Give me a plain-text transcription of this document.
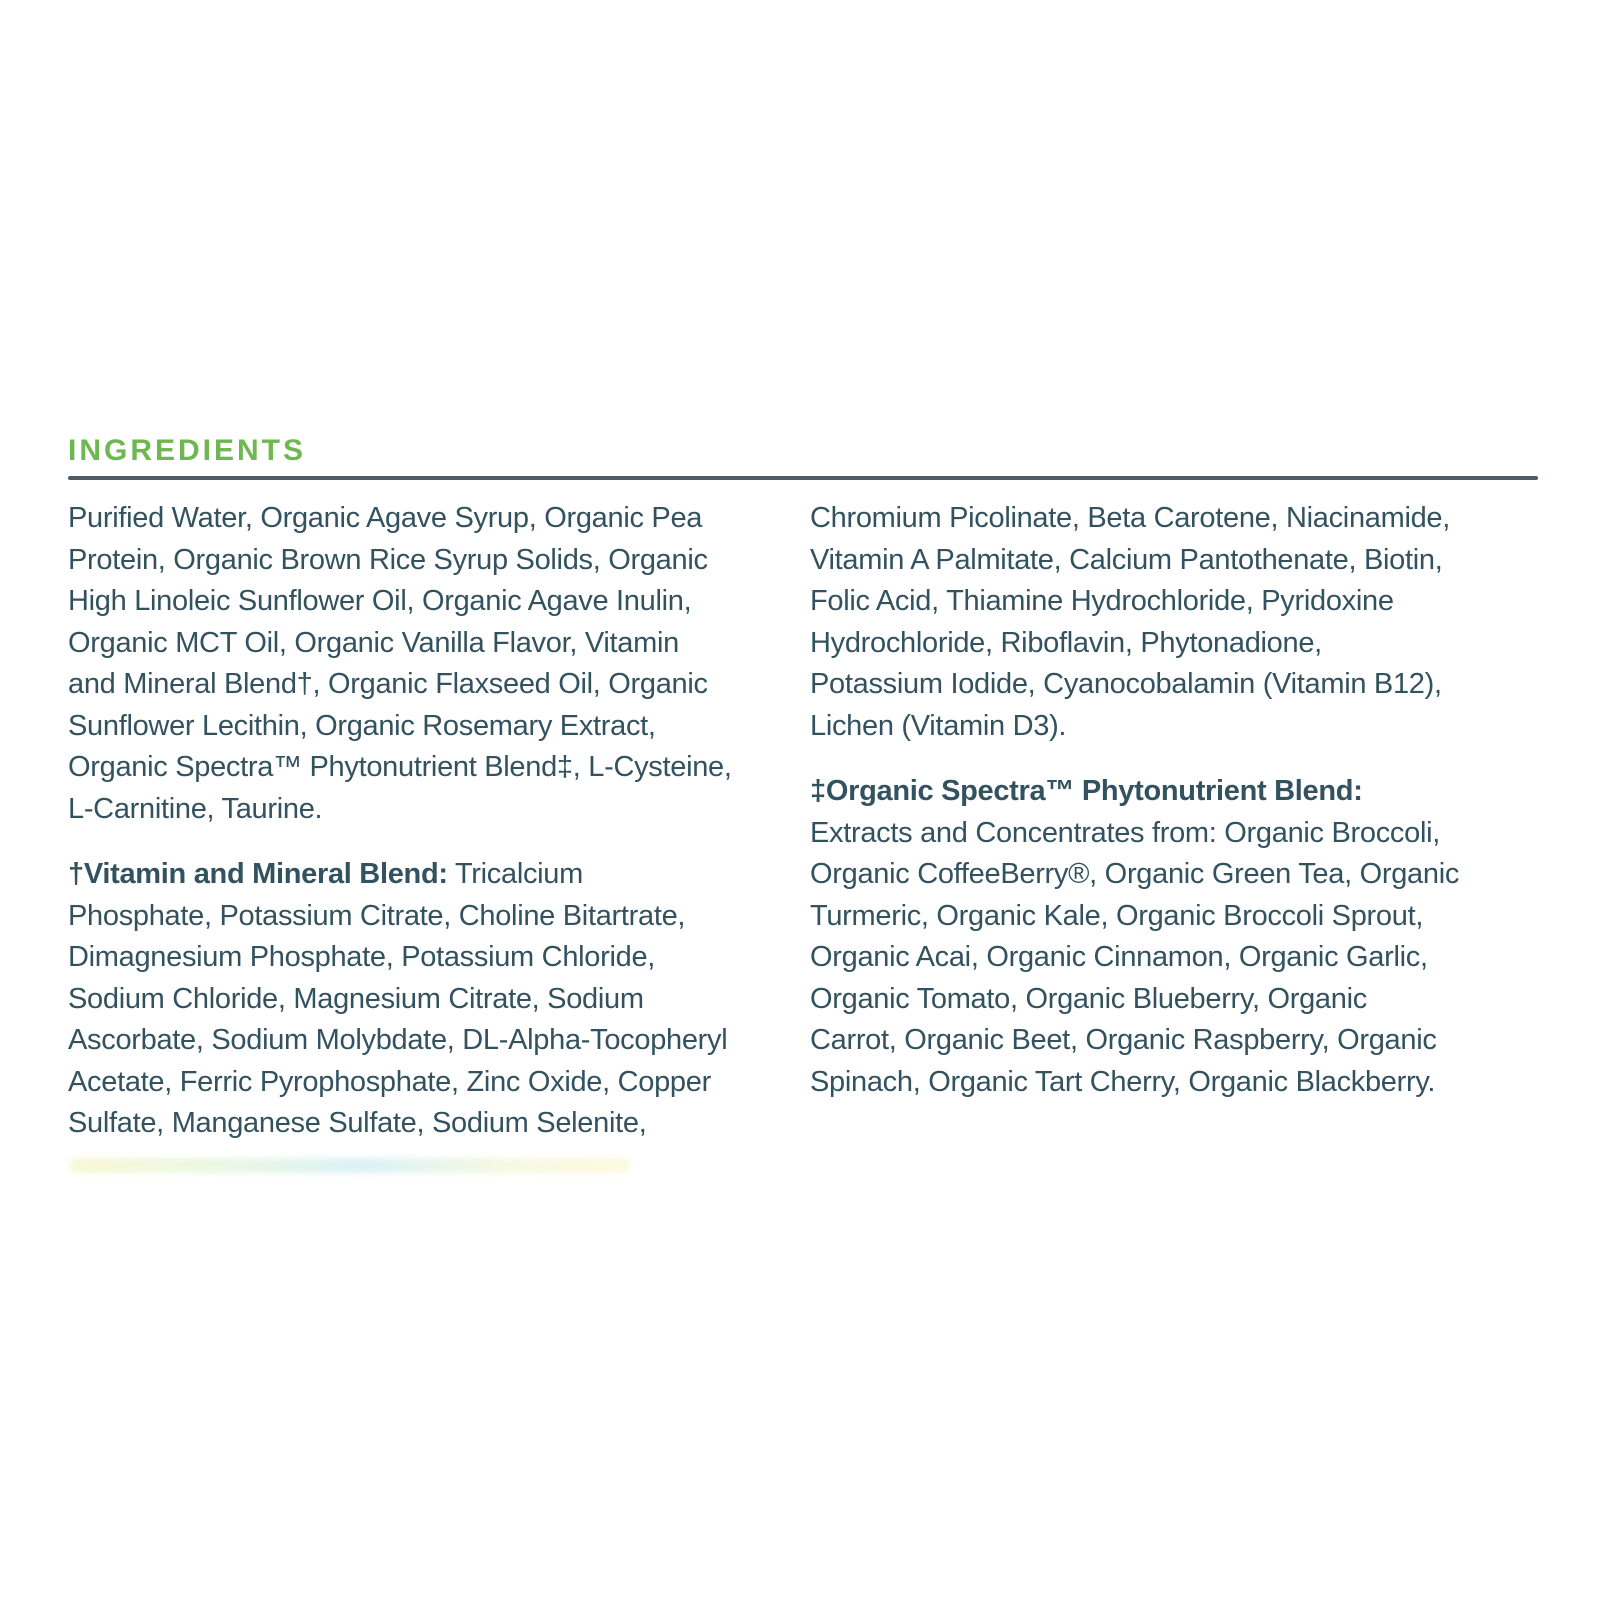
INGREDIENTS
Purified Water, Organic Agave Syrup, Organic Pea
Protein, Organic Brown Rice Syrup Solids, Organic
High Linoleic Sunflower Oil, Organic Agave Inulin,
Organic MCT Oil, Organic Vanilla Flavor, Vitamin
and Mineral Blend†, Organic Flaxseed Oil, Organic
Sunflower Lecithin, Organic Rosemary Extract,
Organic Spectra™ Phytonutrient Blend‡, L-Cysteine,
L-Carnitine, Taurine.
†Vitamin and Mineral Blend: Tricalcium
Phosphate, Potassium Citrate, Choline Bitartrate,
Dimagnesium Phosphate, Potassium Chloride,
Sodium Chloride, Magnesium Citrate, Sodium
Ascorbate, Sodium Molybdate, DL-Alpha-Tocopheryl
Acetate, Ferric Pyrophosphate, Zinc Oxide, Copper
Sulfate, Manganese Sulfate, Sodium Selenite,
Chromium Picolinate, Beta Carotene, Niacinamide,
Vitamin A Palmitate, Calcium Pantothenate, Biotin,
Folic Acid, Thiamine Hydrochloride, Pyridoxine
Hydrochloride, Riboflavin, Phytonadione,
Potassium Iodide, Cyanocobalamin (Vitamin B12),
Lichen (Vitamin D3).
‡Organic Spectra™ Phytonutrient Blend:
Extracts and Concentrates from: Organic Broccoli,
Organic CoffeeBerry®, Organic Green Tea, Organic
Turmeric, Organic Kale, Organic Broccoli Sprout,
Organic Acai, Organic Cinnamon, Organic Garlic,
Organic Tomato, Organic Blueberry, Organic
Carrot, Organic Beet, Organic Raspberry, Organic
Spinach, Organic Tart Cherry, Organic Blackberry.
